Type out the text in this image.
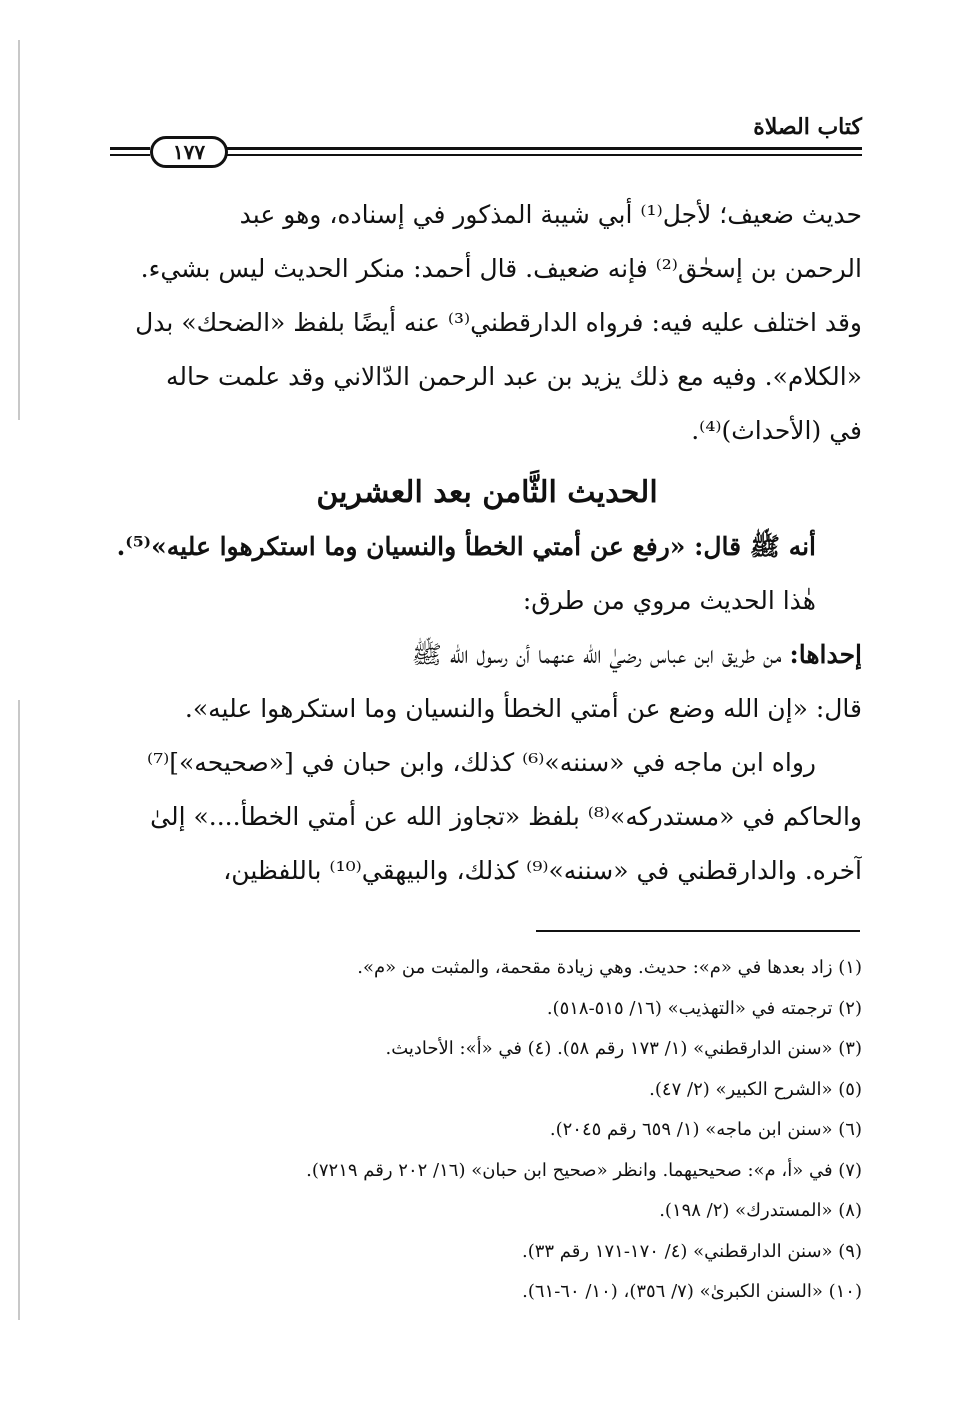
كتاب الصلاة
١٧٧
حديث ضعيف؛ لأجل⁽¹⁾ أبي شيبة المذكور في إسناده، وهو عبد
الرحمن بن إسحٰق⁽²⁾ فإنه ضعيف. قال أحمد: منكر الحديث ليس بشيء.
وقد اختلف عليه فيه: فرواه الدارقطني⁽³⁾ عنه أيضًا بلفظ «الضحك» بدل
«الكلام». وفيه مع ذلك يزيد بن عبد الرحمن الدّالاني وقد علمت حاله
في (الأحداث)⁽⁴⁾.
الحديث الثَّامن بعد العشرين
أنه ﷺ قال: «رفع عن أمتي الخطأ والنسيان وما استكرهوا عليه»⁽⁵⁾.
هٰذا الحديث مروي من طرق:
إحداها: من طريق ابن عباس رضيٰ الله عنهما أن رسول الله ﷺ
قال: «إن الله وضع عن أمتي الخطأ والنسيان وما استكرهوا عليه».
رواه ابن ماجه في «سننه»⁽⁶⁾ كذلك، وابن حبان في [«صحيحه»]⁽⁷⁾
والحاكم في «مستدركه»⁽⁸⁾ بلفظ «تجاوز الله عن أمتي الخطأ....» إلىٰ
آخره. والدارقطني في «سننه»⁽⁹⁾ كذلك، والبيهقي⁽¹⁰⁾ باللفظين،
(١) زاد بعدها في «م»: حديث. وهي زيادة مقحمة، والمثبت من «م».
(٢) ترجمته في «التهذيب» (١٦/ ٥١٥-٥١٨).
(٣) «سنن الدارقطني» (١/ ١٧٣ رقم ٥٨). (٤) في «أ»: الأحاديث.
(٥) «الشرح الكبير» (٢/ ٤٧).
(٦) «سنن ابن ماجه» (١/ ٦٥٩ رقم ٢٠٤٥).
(٧) في «أ، م»: صحيحيهما. وانظر «صحيح ابن حبان» (١٦/ ٢٠٢ رقم ٧٢١٩).
(٨) «المستدرك» (٢/ ١٩٨).
(٩) «سنن الدارقطني» (٤/ ١٧٠-١٧١ رقم ٣٣).
(١٠) «السنن الكبرىٰ» (٧/ ٣٥٦)، (١٠/ ٦٠-٦١).
